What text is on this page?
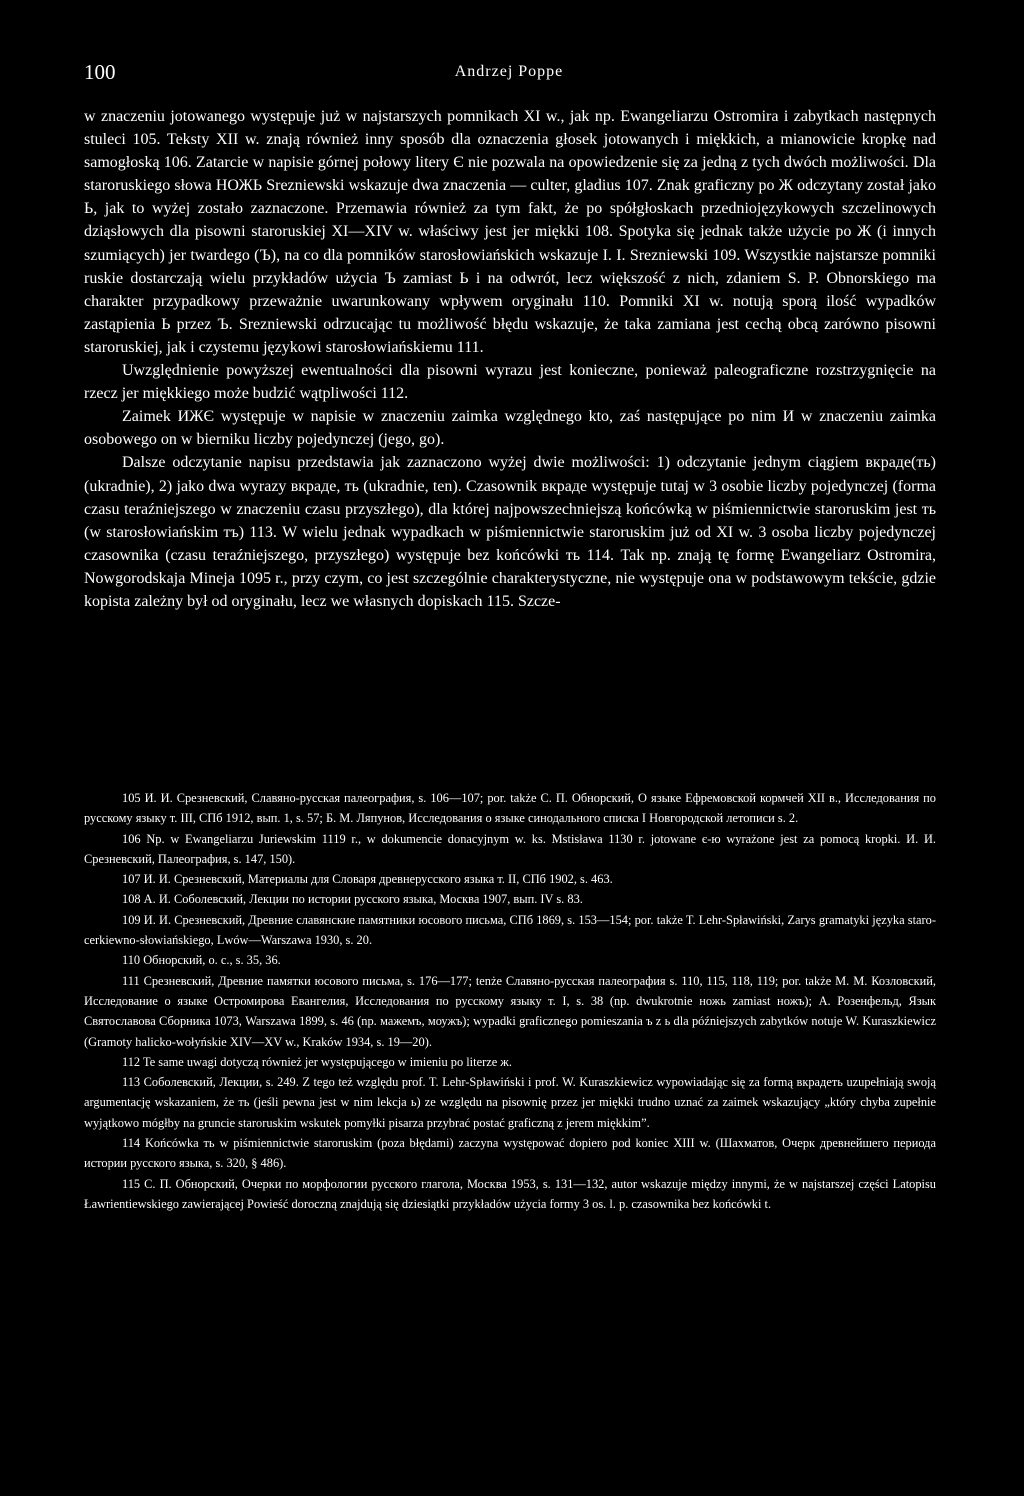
100	Andrzej Poppe

w znaczeniu jotowanego występuje już w najstarszych pomnikach XI w., jak np. Ewangeliarzu Ostromira i zabytkach następnych stuleci 105. Teksty XII w. znają również inny sposób dla oznaczenia głosek jotowanych i miękkich, a mianowicie kropkę nad samogłoską 106. Zatarcie w napisie górnej połowy litery Є nie pozwala na opowiedzenie się za jedną z tych dwóch możliwości. Dla staroruskiego słowa НОЖЬ Srezniewski wskazuje dwa znaczenia — culter, gladius 107. Znak graficzny po Ж odczytany został jako Ь, jak to wyżej zostało zaznaczone. Przemawia również za tym fakt, że po spółgłoskach przedniojęzykowych szczelinowych dziąsłowych dla pisowni staroruskiej XI—XIV w. właściwy jest jer miękki 108. Spotyka się jednak także użycie po Ж (i innych szumiących) jer twardego (Ъ), na co dla pomników starosłowiańskich wskazuje I. I. Srezniewski 109. Wszystkie najstarsze pomniki ruskie dostarczają wielu przykładów użycia Ъ zamiast Ь i na odwrót, lecz większość z nich, zdaniem S. P. Obnorskiego ma charakter przypadkowy przeważnie uwarunkowany wpływem oryginału 110. Pomniki XI w. notują sporą ilość wypadków zastąpienia Ь przez Ъ. Srezniewski odrzucając tu możliwość błędu wskazuje, że taka zamiana jest cechą obcą zarówno pisowni staroruskiej, jak i czystemu językowi starosłowiańskiemu 111.

Uwzględnienie powyższej ewentualności dla pisowni wyrazu jest konieczne, ponieważ paleograficzne rozstrzygnięcie na rzecz jer miękkiego może budzić wątpliwości 112.

Zaimek ИЖЄ występuje w napisie w znaczeniu zaimka względnego kto, zaś następujące po nim И w znaczeniu zaimka osobowego on w bierniku liczby pojedynczej (jego, go).

Dalsze odczytanie napisu przedstawia jak zaznaczono wyżej dwie możliwości: 1) odczytanie jednym ciągiem вкраде(ть) (ukradnie), 2) jako dwa wyrazy вкраде, ть (ukradnie, ten). Czasownik вкраде występuje tutaj w 3 osobie liczby pojedynczej (forma czasu teraźniejszego w znaczeniu czasu przyszłego), dla której najpowszechniejszą końcówką w piśmiennictwie staroruskim jest ть (w starosłowiańskim тъ) 113. W wielu jednak wypadkach w piśmiennictwie staroruskim już od XI w. 3 osoba liczby pojedynczej czasownika (czasu teraźniejszego, przyszłego) występuje bez końcówki ть 114. Tak np. znają tę formę Ewangeliarz Ostromira, Nowgorodskaja Mineja 1095 r., przy czym, co jest szczególnie charakterystyczne, nie występuje ona w podstawowym tekście, gdzie kopista zależny był od oryginału, lecz we własnych dopiskach 115. Szcze-

105 И. И. Срезневский, Славяно-русская палеография, s. 106—107; por. także С. П. Обнорский, О языке Ефремовской кормчей XII в., Исследования по русскому языку т. III, СПб 1912, вып. 1, s. 57; Б. М. Ляпунов, Исследования о языке синодального списка I Новгородской летописи s. 2.

106 Np. w Ewangeliarzu Juriewskim 1119 r., w dokumencie donacyjnym w. ks. Mstisława 1130 r. jotowane є-ю wyrażone jest za pomocą kropki. И. И. Срезневский, Палеография, s. 147, 150).

107 И. И. Срезневский, Материалы для Словаря древнерусского языка т. II, СПб 1902, s. 463.

108 А. И. Соболевский, Лекции по истории русского языка, Москва 1907, вып. IV s. 83.

109 И. И. Срезневский, Древние славянские памятники юсового письма, СПб 1869, s. 153—154; por. także T. Lehr-Spławiński, Zarys gramatyki języka staro-cerkiewno-słowiańskiego, Lwów—Warszawa 1930, s. 20.

110 Обнорский, o. c., s. 35, 36.

111 Срезневский, Древние памятки юсового письма, s. 176—177; tenże Славяно-русская палеография s. 110, 115, 118, 119; por. także М. М. Козловский, Исследование о языке Остромирова Евангелия, Исследования по русскому языку т. I, s. 38 (np. dwukrotnie ножь zamiast ножъ); А. Розенфельд, Язык Святославова Сборника 1073, Warszawa 1899, s. 46 (np. мажемъ, моужъ); wypadki graficznego pomieszania ъ z ь dla późniejszych zabytków notuje W. Kuraszkiewicz (Gramoty halicko-wołyńskie XIV—XV w., Kraków 1934, s. 19—20).

112 Te same uwagi dotyczą również jer występującego w imieniu po literze ж.

113 Соболевский, Лекции, s. 249. Z tego też względu prof. T. Lehr-Spławiński i prof. W. Kuraszkiewicz wypowiadając się za formą вкрадеть uzupełniają swoją argumentację wskazaniem, że ть (jeśli pewna jest w nim lekcja ь) ze względu na pisownię przez jer miękki trudno uznać za zaimek wskazujący „który chyba zupełnie wyjątkowo mógłby na gruncie staroruskim wskutek pomyłki pisarza przybrać postać graficzną z jerem miękkim”.

114 Końcówka ть w piśmiennictwie staroruskim (poza błędami) zaczyna występować dopiero pod koniec XIII w. (Шахматов, Очерк древнейшего периода истории русского языка, s. 320, § 486).

115 С. П. Обнорский, Очерки по морфологии русского глагола, Москва 1953, s. 131—132, autor wskazuje między innymi, że w najstarszej części Latopisu Ławrientiewskiego zawierającej Powieść doroczną znajdują się dziesiątki przykładów użycia formy 3 os. l. p. czasownika bez końcówki t.
